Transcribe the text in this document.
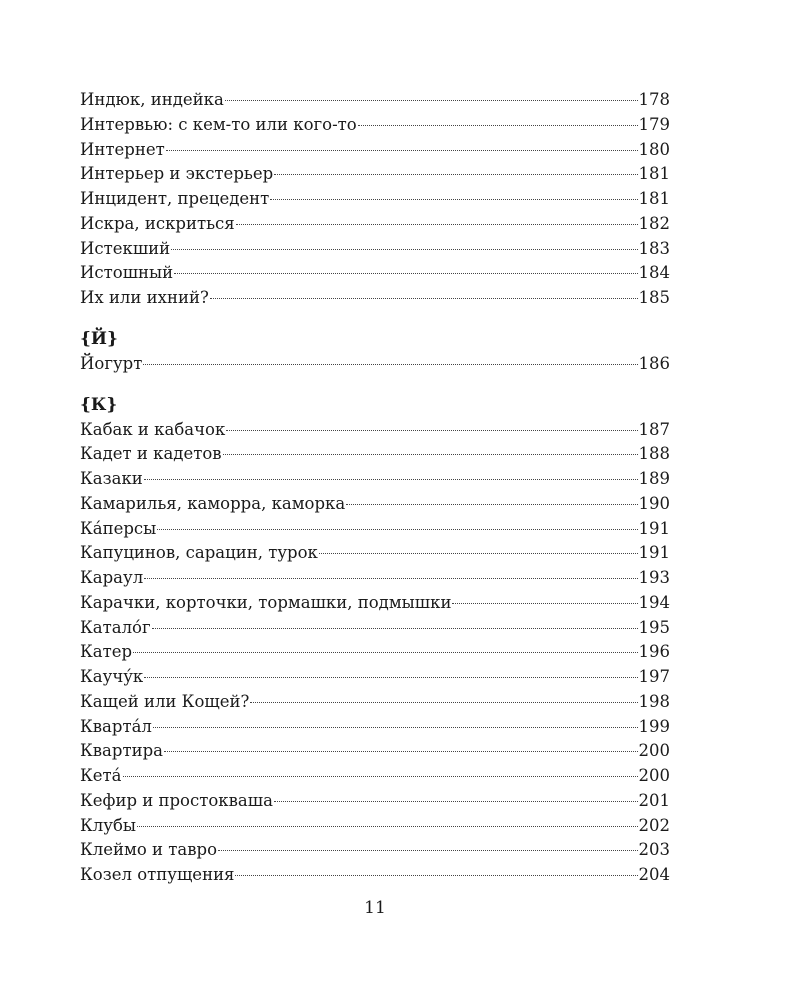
Индюк, индейка	178
Интервью: с кем-то или кого-то	179
Интернет	180
Интерьер и экстерьер	181
Инцидент, прецедент	181
Искра, искриться	182
Истекший	183
Истошный	184
Их или ихний?	185
{Й}
Йогурт	186
{К}
Кабак и кабачок	187
Кадет и кадетов	188
Казаки	189
Камарилья, каморра, каморка	190
Ка́персы	191
Капуцинов, сарацин, турок	191
Караул	193
Карачки, корточки, тормашки, подмышки	194
Катало́г	195
Катер	196
Каучу́к	197
Кащей или Кощей?	198
Кварта́л	199
Квартира	200
Кета́	200
Кефир и простокваша	201
Клубы	202
Клеймо и тавро	203
Козел отпущения	204
11
